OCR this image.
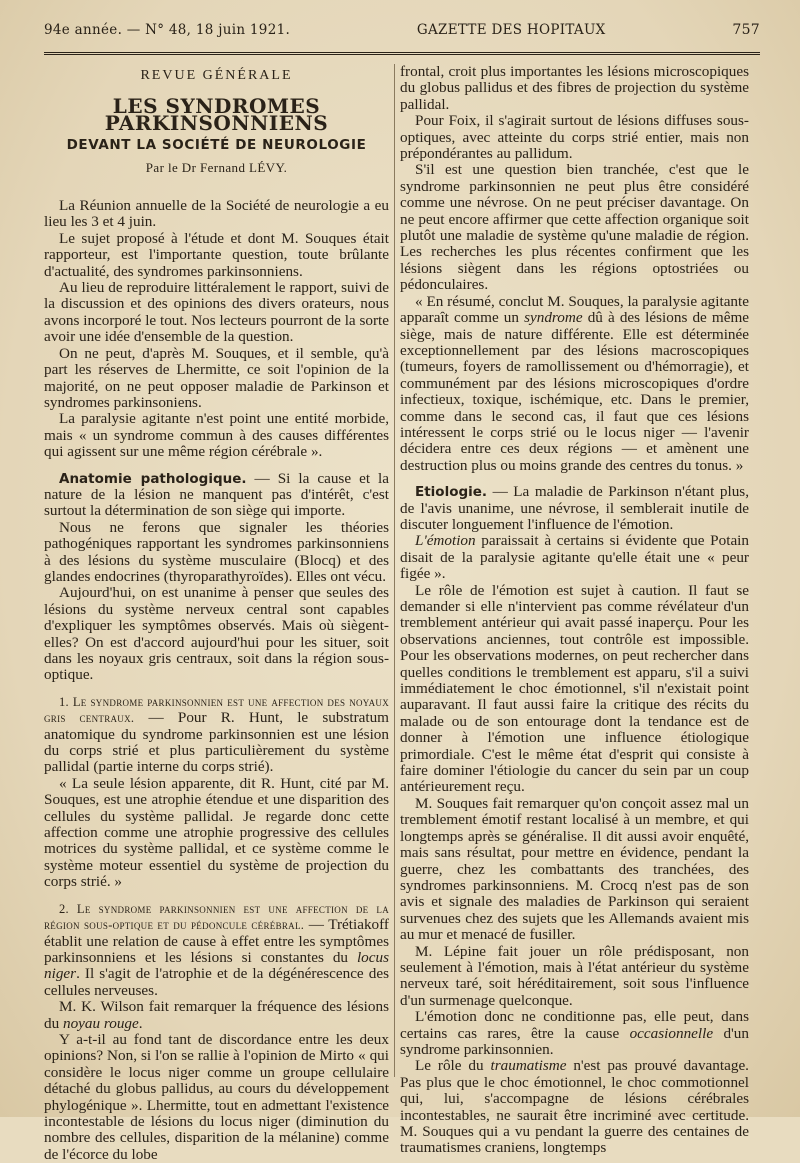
94e année. — N° 48, 18 juin 1921.	GAZETTE DES HOPITAUX	757
REVUE GÉNÉRALE
LES SYNDROMES PARKINSONNIENS
DEVANT LA SOCIÉTÉ DE NEUROLOGIE
Par le Dr Fernand LÉVY.

La Réunion annuelle de la Société de neurologie a eu lieu les 3 et 4 juin.

Le sujet proposé à l'étude et dont M. Souques était rapporteur, est l'importante question, toute brûlante d'actualité, des syndromes parkinsonniens.

Au lieu de reproduire littéralement le rapport, suivi de la discussion et des opinions des divers orateurs, nous avons incorporé le tout. Nos lecteurs pourront de la sorte avoir une idée d'ensemble de la question.

On ne peut, d'après M. Souques, et il semble, qu'à part les réserves de Lhermitte, ce soit l'opinion de la majorité, on ne peut opposer maladie de Parkinson et syndromes parkinsoniens.

La paralysie agitante n'est point une entité morbide, mais « un syndrome commun à des causes différentes qui agissent sur une même région cérébrale ».

Anatomie pathologique. — Si la cause et la nature de la lésion ne manquent pas d'intérêt, c'est surtout la détermination de son siège qui importe.

Nous ne ferons que signaler les théories pathogéniques rapportant les syndromes parkinsonniens à des lésions du système musculaire (Blocq) et des glandes endocrines (thyroparathyroïdes). Elles ont vécu.

Aujourd'hui, on est unanime à penser que seules des lésions du système nerveux central sont capables d'expliquer les symptômes observés. Mais où siègent-elles? On est d'accord aujourd'hui pour les situer, soit dans les noyaux gris centraux, soit dans la région sous-optique.

1. Le syndrome parkinsonnien est une affection des noyaux gris centraux. — Pour R. Hunt, le substratum anatomique du syndrome parkinsonnien est une lésion du corps strié et plus particulièrement du système pallidal (partie interne du corps strié).

« La seule lésion apparente, dit R. Hunt, cité par M. Souques, est une atrophie étendue et une disparition des cellules du système pallidal. Je regarde donc cette affection comme une atrophie progressive des cellules motrices du système pallidal, et ce système comme le système moteur essentiel du système de projection du corps strié. »

2. Le syndrome parkinsonnien est une affection de la région sous-optique et du pédoncule cérébral. — Trétiakoff établit une relation de cause à effet entre les symptômes parkinsonniens et les lésions si constantes du locus niger. Il s'agit de l'atrophie et de la dégénérescence des cellules nerveuses.

M. K. Wilson fait remarquer la fréquence des lésions du noyau rouge.

Y a-t-il au fond tant de discordance entre les deux opinions? Non, si l'on se rallie à l'opinion de Mirto « qui considère le locus niger comme un groupe cellulaire détaché du globus pallidus, au cours du développement phylogénique ». Lhermitte, tout en admettant l'existence incontestable de lésions du locus niger (diminution du nombre des cellules, disparition de la mélanine) comme de l'écorce du lobe

frontal, croit plus importantes les lésions microscopiques du globus pallidus et des fibres de projection du système pallidal.

Pour Foix, il s'agirait surtout de lésions diffuses sous-optiques, avec atteinte du corps strié entier, mais non prépondérantes au pallidum.

S'il est une question bien tranchée, c'est que le syndrome parkinsonnien ne peut plus être considéré comme une névrose. On ne peut préciser davantage. On ne peut encore affirmer que cette affection organique soit plutôt une maladie de système qu'une maladie de région. Les recherches les plus récentes confirment que les lésions siègent dans les régions optostriées ou pédonculaires.

« En résumé, conclut M. Souques, la paralysie agitante apparaît comme un syndrome dû à des lésions de même siège, mais de nature différente. Elle est déterminée exceptionnellement par des lésions macroscopiques (tumeurs, foyers de ramollissement ou d'hémorragie), et communément par des lésions microscopiques d'ordre infectieux, toxique, ischémique, etc. Dans le premier, comme dans le second cas, il faut que ces lésions intéressent le corps strié ou le locus niger — l'avenir décidera entre ces deux régions — et amènent une destruction plus ou moins grande des centres du tonus. »

Etiologie. — La maladie de Parkinson n'étant plus, de l'avis unanime, une névrose, il semblerait inutile de discuter longuement l'influence de l'émotion.

L'émotion paraissait à certains si évidente que Potain disait de la paralysie agitante qu'elle était une « peur figée ».

Le rôle de l'émotion est sujet à caution. Il faut se demander si elle n'intervient pas comme révélateur d'un tremblement antérieur qui avait passé inaperçu. Pour les observations anciennes, tout contrôle est impossible. Pour les observations modernes, on peut rechercher dans quelles conditions le tremblement est apparu, s'il a suivi immédiatement le choc émotionnel, s'il n'existait point auparavant. Il faut aussi faire la critique des récits du malade ou de son entourage dont la tendance est de donner à l'émotion une influence étiologique primordiale. C'est le même état d'esprit qui consiste à faire dominer l'étiologie du cancer du sein par un coup antérieurement reçu.

M. Souques fait remarquer qu'on conçoit assez mal un tremblement émotif restant localisé à un membre, et qui longtemps après se généralise. Il dit aussi avoir enquêté, mais sans résultat, pour mettre en évidence, pendant la guerre, chez les combattants des tranchées, des syndromes parkinsonniens. M. Crocq n'est pas de son avis et signale des maladies de Parkinson qui seraient survenues chez des sujets que les Allemands avaient mis au mur et menacé de fusiller.

M. Lépine fait jouer un rôle prédisposant, non seulement à l'émotion, mais à l'état antérieur du système nerveux taré, soit héréditairement, soit sous l'influence d'un surmenage quelconque.

L'émotion donc ne conditionne pas, elle peut, dans certains cas rares, être la cause occasionnelle d'un syndrome parkinsonnien.

Le rôle du traumatisme n'est pas prouvé davantage. Pas plus que le choc émotionnel, le choc commotionnel qui, lui, s'accompagne de lésions cérébrales incontestables, ne saurait être incriminé avec certitude. M. Souques qui a vu pendant la guerre des centaines de traumatismes craniens, longtemps
